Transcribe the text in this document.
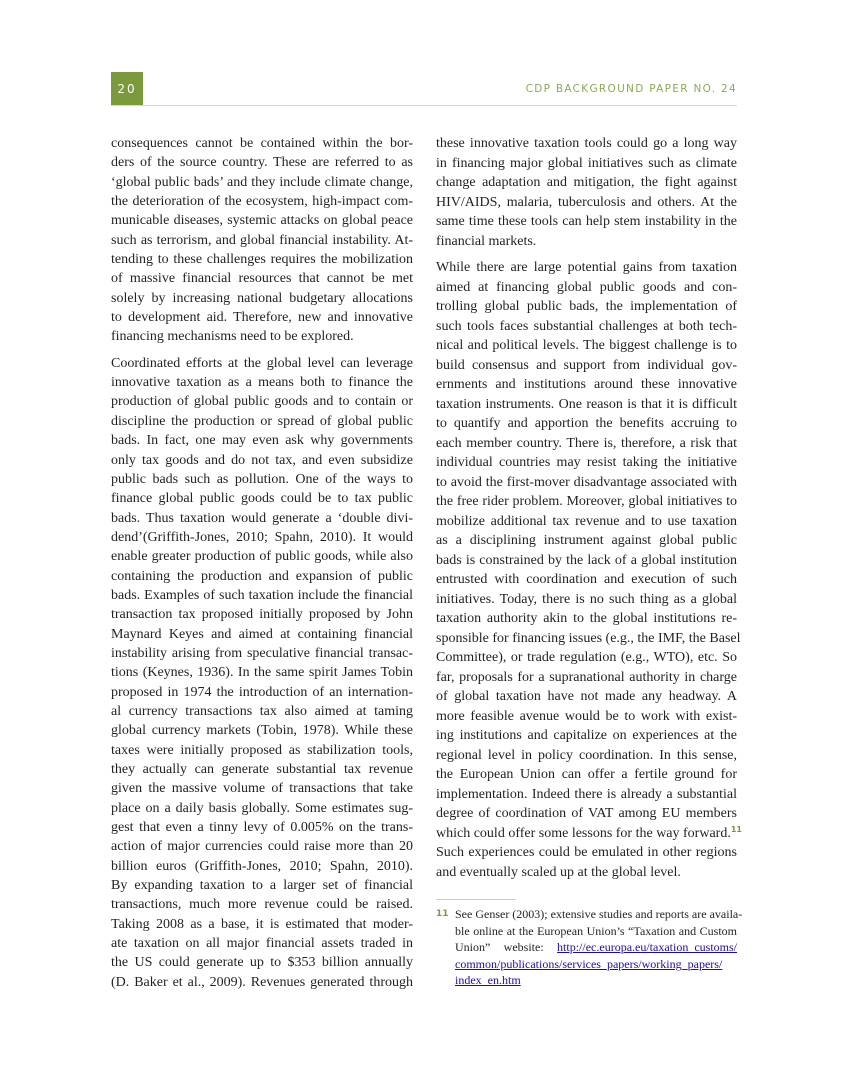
20	CDP BACKGROUND PAPER NO. 24
consequences cannot be contained within the bor-
ders of the source country. These are referred to as
‘global public bads’ and they include climate change,
the deterioration of the ecosystem, high-impact com-
municable diseases, systemic attacks on global peace
such as terrorism, and global financial instability. At-
tending to these challenges requires the mobilization
of massive financial resources that cannot be met
solely by increasing national budgetary allocations
to development aid. Therefore, new and innovative
financing mechanisms need to be explored.
Coordinated efforts at the global level can leverage
innovative taxation as a means both to finance the
production of global public goods and to contain or
discipline the production or spread of global public
bads. In fact, one may even ask why governments
only tax goods and do not tax, and even subsidize
public bads such as pollution. One of the ways to
finance global public goods could be to tax public
bads. Thus taxation would generate a ‘double divi-
dend’(Griffith-Jones, 2010; Spahn, 2010). It would
enable greater production of public goods, while also
containing the production and expansion of public
bads. Examples of such taxation include the financial
transaction tax proposed initially proposed by John
Maynard Keyes and aimed at containing financial
instability arising from speculative financial transac-
tions (Keynes, 1936). In the same spirit James Tobin
proposed in 1974 the introduction of an internation-
al currency transactions tax also aimed at taming
global currency markets (Tobin, 1978). While these
taxes were initially proposed as stabilization tools,
they actually can generate substantial tax revenue
given the massive volume of transactions that take
place on a daily basis globally. Some estimates sug-
gest that even a tinny levy of 0.005% on the trans-
action of major currencies could raise more than 20
billion euros (Griffith-Jones, 2010; Spahn, 2010).
By expanding taxation to a larger set of financial
transactions, much more revenue could be raised.
Taking 2008 as a base, it is estimated that moder-
ate taxation on all major financial assets traded in
the US could generate up to $353 billion annually
(D. Baker et al., 2009). Revenues generated through
these innovative taxation tools could go a long way
in financing major global initiatives such as climate
change adaptation and mitigation, the fight against
HIV/AIDS, malaria, tuberculosis and others. At the
same time these tools can help stem instability in the
financial markets.
While there are large potential gains from taxation
aimed at financing global public goods and con-
trolling global public bads, the implementation of
such tools faces substantial challenges at both tech-
nical and political levels. The biggest challenge is to
build consensus and support from individual gov-
ernments and institutions around these innovative
taxation instruments. One reason is that it is difficult
to quantify and apportion the benefits accruing to
each member country. There is, therefore, a risk that
individual countries may resist taking the initiative
to avoid the first-mover disadvantage associated with
the free rider problem. Moreover, global initiatives to
mobilize additional tax revenue and to use taxation
as a disciplining instrument against global public
bads is constrained by the lack of a global institution
entrusted with coordination and execution of such
initiatives. Today, there is no such thing as a global
taxation authority akin to the global institutions re-
sponsible for financing issues (e.g., the IMF, the Basel
Committee), or trade regulation (e.g., WTO), etc. So
far, proposals for a supranational authority in charge
of global taxation have not made any headway. A
more feasible avenue would be to work with exist-
ing institutions and capitalize on experiences at the
regional level in policy coordination. In this sense,
the European Union can offer a fertile ground for
implementation. Indeed there is already a substantial
degree of coordination of VAT among EU members
which could offer some lessons for the way forward.$^{11}$
Such experiences could be emulated in other regions
and eventually scaled up at the global level.
11 See Genser (2003); extensive studies and reports are availa-
ble online at the European Union’s “Taxation and Custom
Union” website: http://ec.europa.eu/taxation_customs/
common/publications/services_papers/working_papers/
index_en.htm
